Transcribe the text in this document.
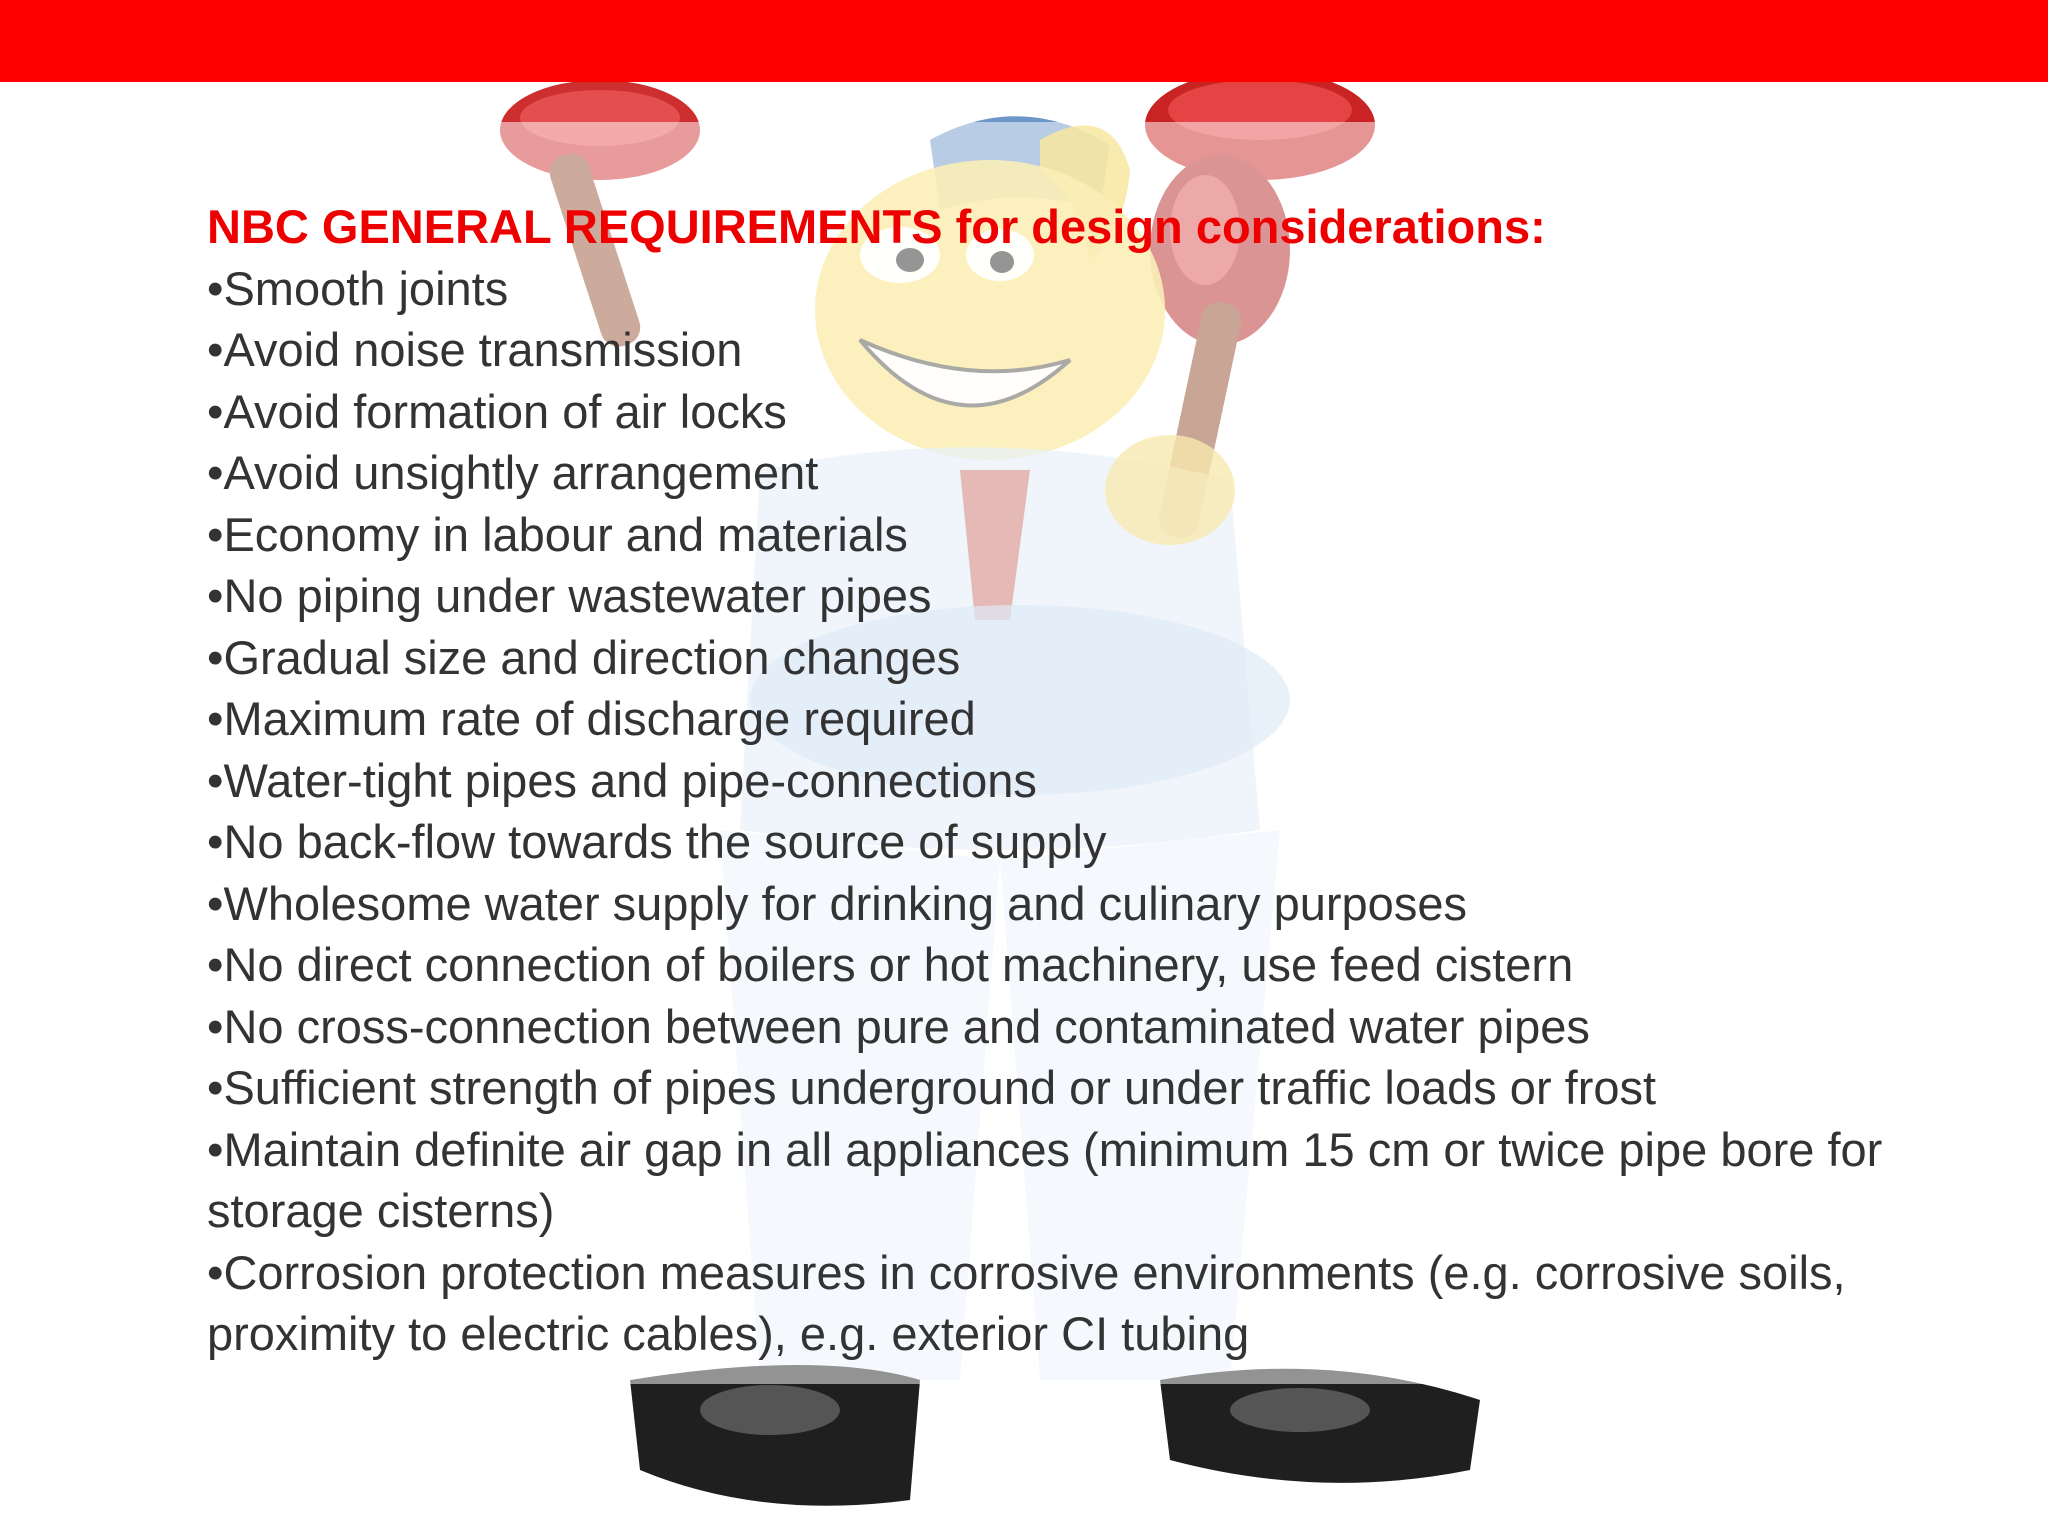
NBC GENERAL REQUIREMENTS for design considerations:

•Smooth joints
•Avoid noise transmission
•Avoid formation of air locks
•Avoid unsightly arrangement
•Economy in labour and materials
•No piping under wastewater pipes
•Gradual size and direction changes
•Maximum rate of discharge required
•Water-tight pipes and pipe-connections
•No back-flow towards the source of supply
•Wholesome water supply for drinking and culinary purposes
•No direct connection of boilers or hot machinery, use feed cistern
•No cross-connection between pure and contaminated water pipes
•Sufficient strength of pipes underground or under traffic loads or frost
•Maintain definite air gap in all appliances (minimum 15 cm or twice pipe bore for storage cisterns)
•Corrosion protection measures in corrosive environments (e.g. corrosive soils, proximity to electric cables), e.g. exterior CI tubing
